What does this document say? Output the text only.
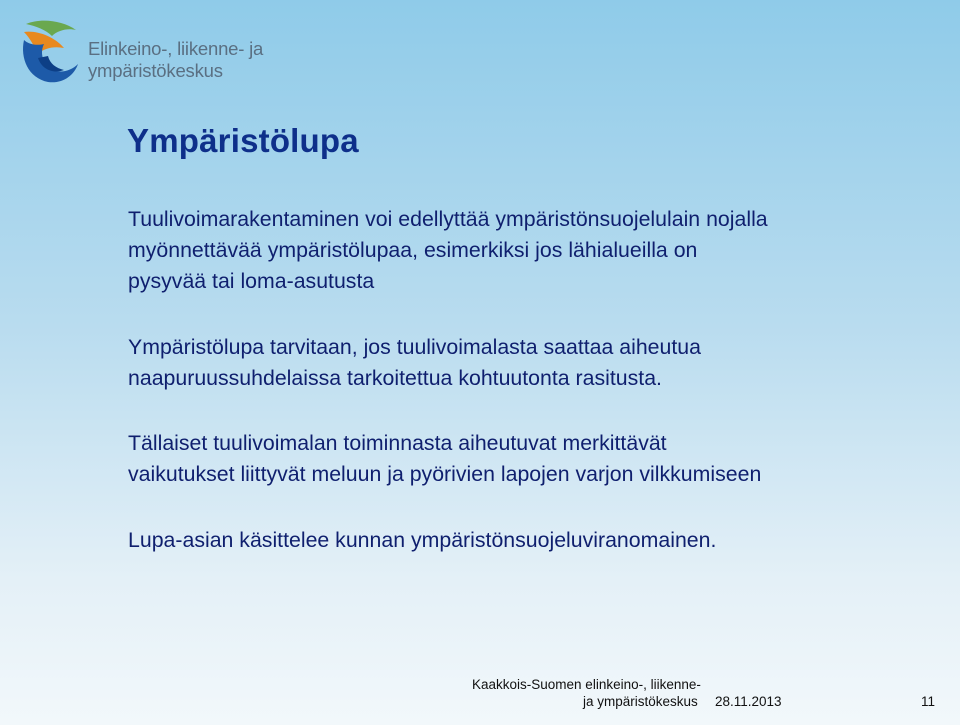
Elinkeino-, liikenne- ja
ympäristökeskus
Ympäristölupa
Tuulivoimarakentaminen voi edellyttää ympäristönsuojelulain nojalla
myönnettävää ympäristölupaa, esimerkiksi jos lähialueilla on
pysyvää tai loma-asutusta
Ympäristölupa tarvitaan, jos tuulivoimalasta saattaa aiheutua
naapuruussuhdelaissa tarkoitettua kohtuutonta rasitusta.
Tällaiset tuulivoimalan toiminnasta aiheutuvat merkittävät
vaikutukset liittyvät meluun ja pyörivien lapojen varjon vilkkumiseen
Lupa-asian käsittelee kunnan ympäristönsuojeluviranomainen.
Kaakkois-Suomen elinkeino-, liikenne-
ja ympäristökeskus 28.11.2013	11
